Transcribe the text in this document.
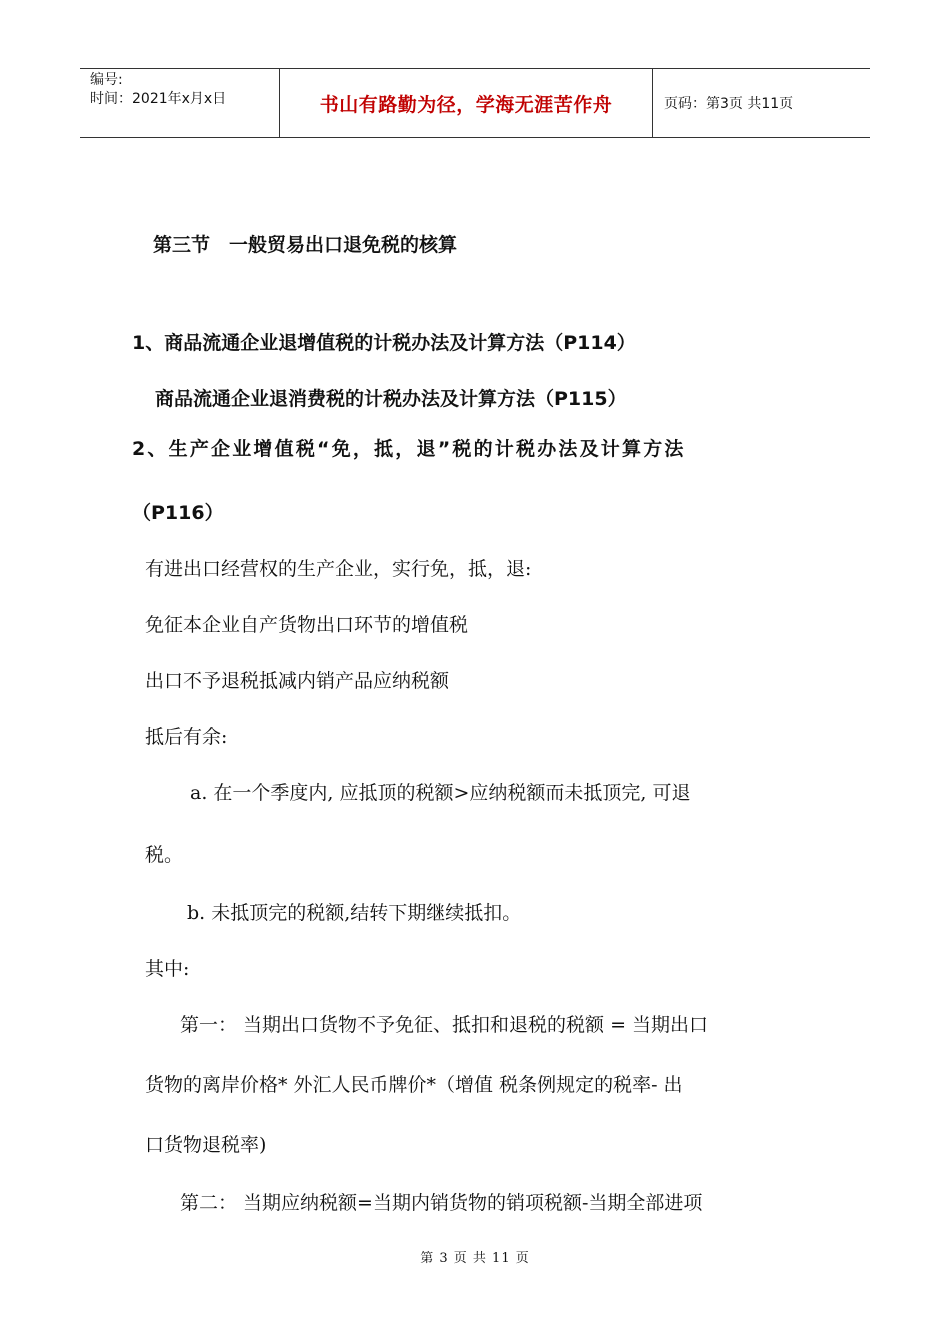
编号:
时间：2021年x月x日	书山有路勤为径，学海无涯苦作舟	页码：第3页 共11页
第三节　一般贸易出口退免税的核算
1、商品流通企业退增值税的计税办法及计算方法（P114）
商品流通企业退消费税的计税办法及计算方法（P115）
2、生产企业增值税“免，抵，退”税的计税办法及计算方法
（P116）
有进出口经营权的生产企业，实行免，抵，退:
免征本企业自产货物出口环节的增值税
出口不予退税抵减内销产品应纳税额
抵后有余:
a. 在一个季度内, 应抵顶的税额>应纳税额而未抵顶完, 可退
税。
b. 未抵顶完的税额,结转下期继续抵扣。
其中:
第一： 当期出口货物不予免征、抵扣和退税的税额 = 当期出口
货物的离岸价格* 外汇人民币牌价*（增值 税条例规定的税率- 出
口货物退税率)
第二： 当期应纳税额=当期内销货物的销项税额-当期全部进项
第 3 页 共 11 页
